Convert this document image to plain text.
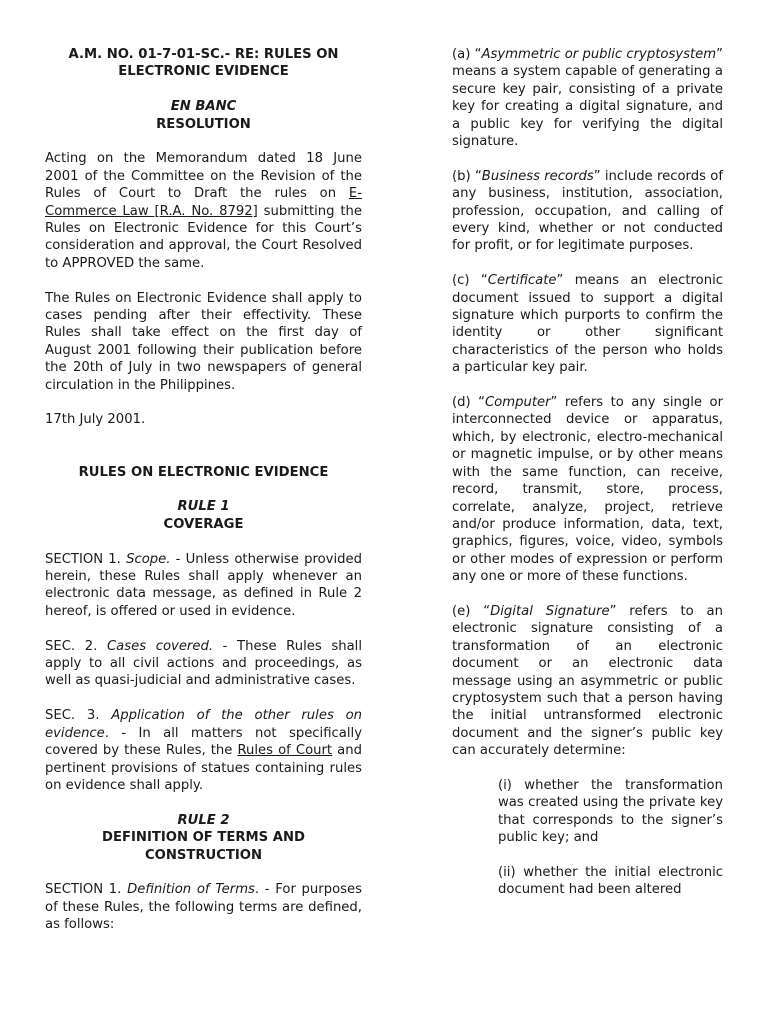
A.M. NO. 01-7-01-SC.- RE: RULES ON
ELECTRONIC EVIDENCE
EN BANC
RESOLUTION

Acting on the Memorandum dated 18 June 2001 of the Committee on the Revision of the Rules of Court to Draft the rules on E-Commerce Law [R.A. No. 8792] submitting the Rules on Electronic Evidence for this Court’s consideration and approval, the Court Resolved to APPROVED the same.

The Rules on Electronic Evidence shall apply to cases pending after their effectivity. These Rules shall take effect on the first day of August 2001 following their publication before the 20th of July in two newspapers of general circulation in the Philippines.

17th July 2001.

RULES ON ELECTRONIC EVIDENCE
RULE 1
COVERAGE

SECTION 1. Scope. - Unless otherwise provided herein, these Rules shall apply whenever an electronic data message, as defined in Rule 2 hereof, is offered or used in evidence.

SEC. 2. Cases covered. - These Rules shall apply to all civil actions and proceedings, as well as quasi-judicial and administrative cases.

SEC. 3. Application of the other rules on evidence. - In all matters not specifically covered by these Rules, the Rules of Court and pertinent provisions of statues containing rules on evidence shall apply.

RULE 2
DEFINITION OF TERMS AND
CONSTRUCTION

SECTION 1. Definition of Terms. - For purposes of these Rules, the following terms are defined, as follows:

(a) “Asymmetric or public cryptosystem” means a system capable of generating a secure key pair, consisting of a private key for creating a digital signature, and a public key for verifying the digital signature.

(b) “Business records” include records of any business, institution, association, profession, occupation, and calling of every kind, whether or not conducted for profit, or for legitimate purposes.

(c) “Certificate” means an electronic document issued to support a digital signature which purports to confirm the identity or other significant characteristics of the person who holds a particular key pair.

(d) “Computer” refers to any single or interconnected device or apparatus, which, by electronic, electro-mechanical or magnetic impulse, or by other means with the same function, can receive, record, transmit, store, process, correlate, analyze, project, retrieve and/or produce information, data, text, graphics, figures, voice, video, symbols or other modes of expression or perform any one or more of these functions.

(e) “Digital Signature” refers to an electronic signature consisting of a transformation of an electronic document or an electronic data message using an asymmetric or public cryptosystem such that a person having the initial untransformed electronic document and the signer’s public key can accurately determine:

(i) whether the transformation was created using the private key that corresponds to the signer’s public key; and

(ii) whether the initial electronic document had been altered
